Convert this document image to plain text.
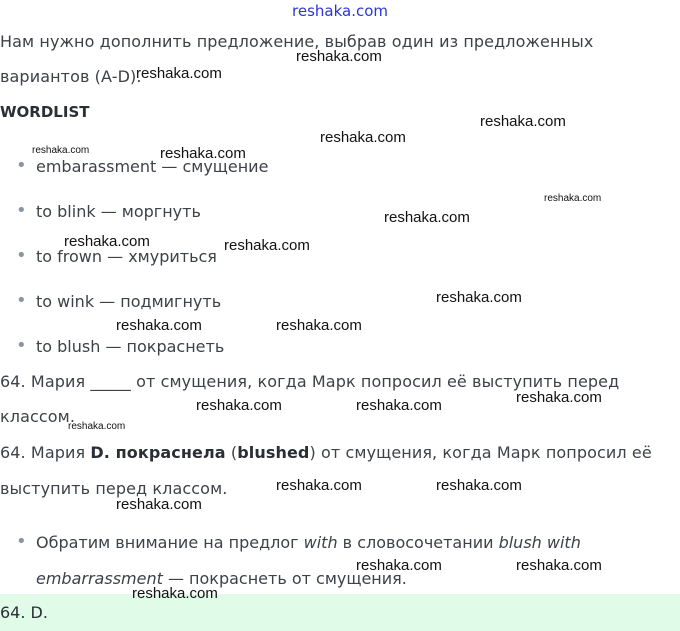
reshaka.com
Нам нужно дополнить предложение, выбрав один из предложенных
вариантов (A-D).
WORDLIST
• embarassment — смущение
• to blink — моргнуть
• to frown — хмуриться
• to wink — подмигнуть
• to blush — покраснеть
64. Мария _____ от смущения, когда Марк попросил её выступить перед
классом.
64. Мария D. покраснела (blushed) от смущения, когда Марк попросил её
выступить перед классом.
• Обратим внимание на предлог with в словосочетании blush with
embarrassment — покраснеть от смущения.
64. D.
reshaka.com
reshaka.com
reshaka.com
reshaka.com
reshaka.com	reshaka.com
reshaka.com
reshaka.com
reshaka.com	reshaka.com
reshaka.com
reshaka.com	reshaka.com
reshaka.com
reshaka.com	reshaka.com
reshaka.com
reshaka.com	reshaka.com
reshaka.com
reshaka.com	reshaka.com
reshaka.com
